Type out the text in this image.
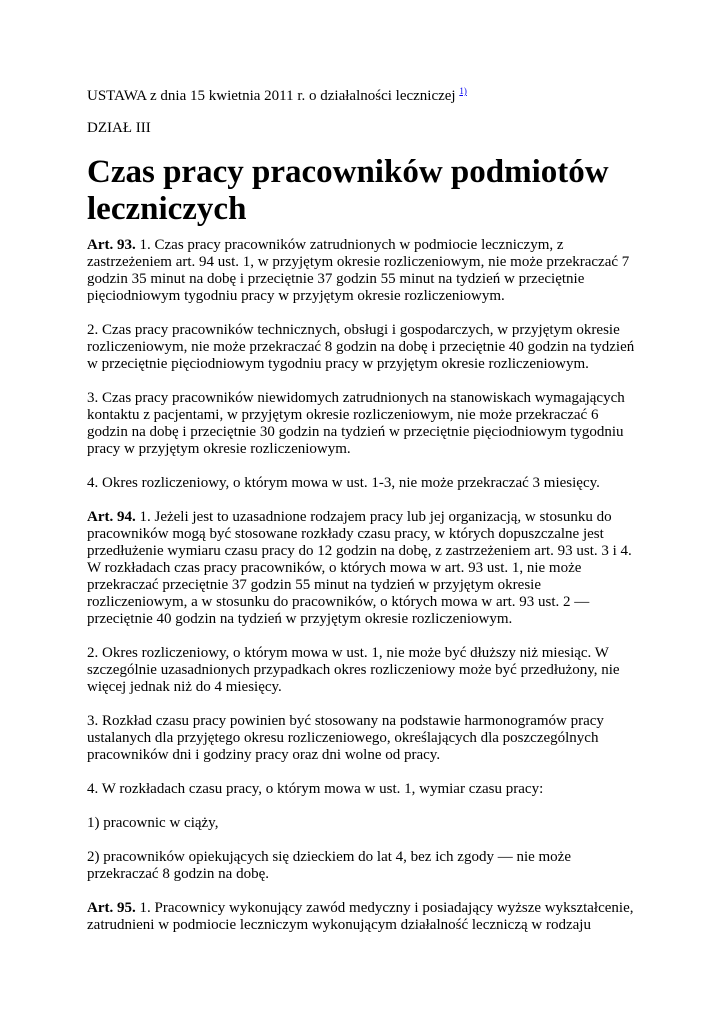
USTAWA z dnia 15 kwietnia 2011 r. o działalności leczniczej $^{1)}$
DZIAŁ III
Czas pracy pracowników podmiotów leczniczych

Art. 93. 1. Czas pracy pracowników zatrudnionych w podmiocie leczniczym, z zastrzeżeniem art. 94 ust. 1, w przyjętym okresie rozliczeniowym, nie może przekraczać 7 godzin 35 minut na dobę i przeciętnie 37 godzin 55 minut na tydzień w przeciętnie pięciodniowym tygodniu pracy w przyjętym okresie rozliczeniowym.

2. Czas pracy pracowników technicznych, obsługi i gospodarczych, w przyjętym okresie rozliczeniowym, nie może przekraczać 8 godzin na dobę i przeciętnie 40 godzin na tydzień w przeciętnie pięciodniowym tygodniu pracy w przyjętym okresie rozliczeniowym.

3. Czas pracy pracowników niewidomych zatrudnionych na stanowiskach wymagających kontaktu z pacjentami, w przyjętym okresie rozliczeniowym, nie może przekraczać 6 godzin na dobę i przeciętnie 30 godzin na tydzień w przeciętnie pięciodniowym tygodniu pracy w przyjętym okresie rozliczeniowym.

4. Okres rozliczeniowy, o którym mowa w ust. 1-3, nie może przekraczać 3 miesięcy.

Art. 94. 1. Jeżeli jest to uzasadnione rodzajem pracy lub jej organizacją, w stosunku do pracowników mogą być stosowane rozkłady czasu pracy, w których dopuszczalne jest przedłużenie wymiaru czasu pracy do 12 godzin na dobę, z zastrzeżeniem art. 93 ust. 3 i 4. W rozkładach czas pracy pracowników, o których mowa w art. 93 ust. 1, nie może przekraczać przeciętnie 37 godzin 55 minut na tydzień w przyjętym okresie rozliczeniowym, a w stosunku do pracowników, o których mowa w art. 93 ust. 2 — przeciętnie 40 godzin na tydzień w przyjętym okresie rozliczeniowym.

2. Okres rozliczeniowy, o którym mowa w ust. 1, nie może być dłuższy niż miesiąc. W szczególnie uzasadnionych przypadkach okres rozliczeniowy może być przedłużony, nie więcej jednak niż do 4 miesięcy.

3. Rozkład czasu pracy powinien być stosowany na podstawie harmonogramów pracy ustalanych dla przyjętego okresu rozliczeniowego, określających dla poszczególnych pracowników dni i godziny pracy oraz dni wolne od pracy.

4. W rozkładach czasu pracy, o którym mowa w ust. 1, wymiar czasu pracy:

1) pracownic w ciąży,

2) pracowników opiekujących się dzieckiem do lat 4, bez ich zgody — nie może przekraczać 8 godzin na dobę.

Art. 95. 1. Pracownicy wykonujący zawód medyczny i posiadający wyższe wykształcenie, zatrudnieni w podmiocie leczniczym wykonującym działalność leczniczą w rodzaju
